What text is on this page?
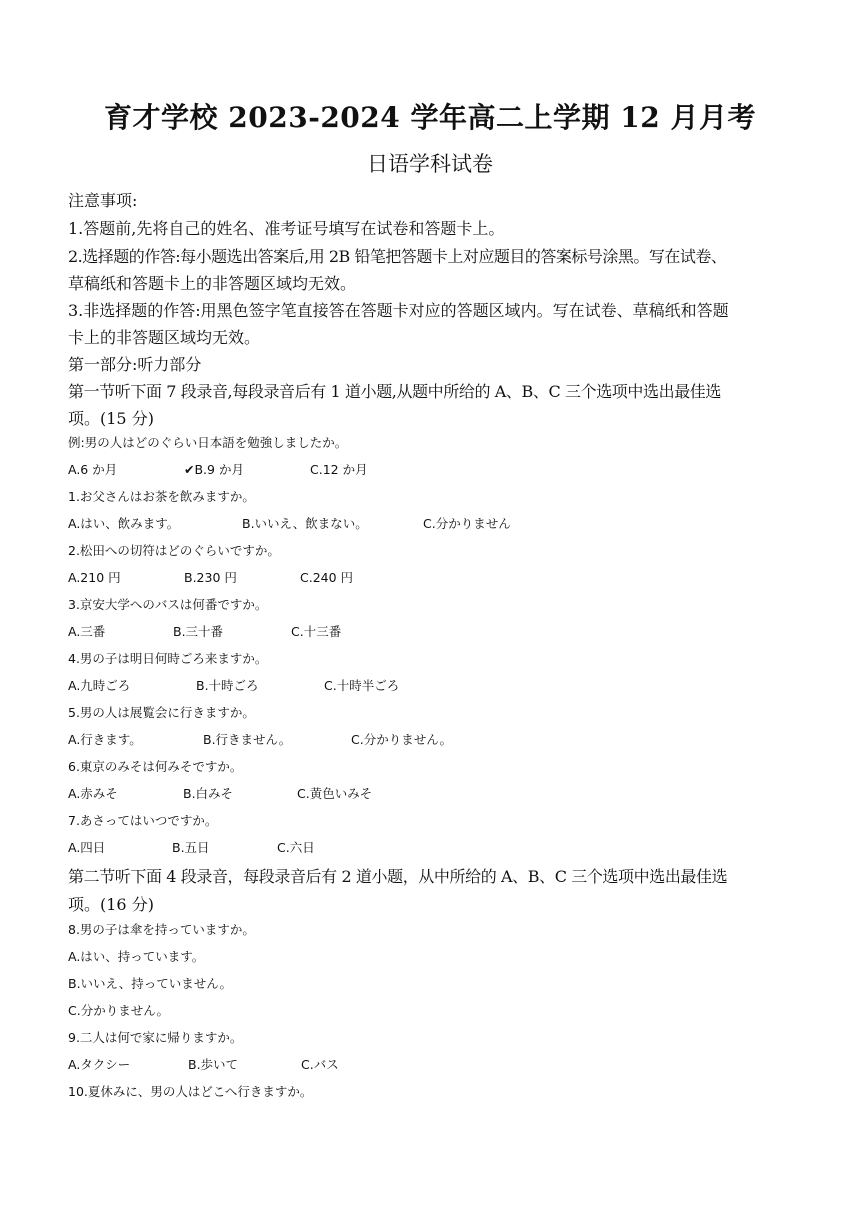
育才学校 2023-2024 学年高二上学期 12 月月考
日语学科试卷
注意事项:
1.答题前,先将自己的姓名、准考证号填写在试卷和答题卡上。
2.选择题的作答:每小题选出答案后,用 2B 铅笔把答题卡上对应题目的答案标号涂黑。写在试卷、
草稿纸和答题卡上的非答题区域均无效。
3.非选择题的作答:用黑色签字笔直接答在答题卡对应的答题区域内。写在试卷、草稿纸和答题
卡上的非答题区域均无效。
第一部分:听力部分
第一节听下面 7 段录音,每段录音后有 1 道小题,从题中所给的 A、B、C 三个选项中选出最佳选
项。(15 分)
例:男の人はどのぐらい日本語を勉強しましたか。
A.6 か月	✔B.9 か月	C.12 か月
1.お父さんはお茶を飲みますか。
A.はい、飲みます。	B.いいえ、飲まない。	C.分かりません
2.松田への切符はどのぐらいですか。
A.210 円	B.230 円	C.240 円
3.京安大学へのバスは何番ですか。
A.三番	B.三十番	C.十三番
4.男の子は明日何時ごろ来ますか。
A.九時ごろ	B.十時ごろ	C.十時半ごろ
5.男の人は展覧会に行きますか。
A.行きます。	B.行きません。	C.分かりません。
6.東京のみそは何みそですか。
A.赤みそ	B.白みそ	C.黄色いみそ
7.あさってはいつですか。
A.四日	B.五日	C.六日
第二节听下面 4 段录音，每段录音后有 2 道小题，从中所给的 A、B、C 三个选项中选出最佳选
项。(16 分)
8.男の子は傘を持っていますか。
A.はい、持っています。
B.いいえ、持っていません。
C.分かりません。
9.二人は何で家に帰りますか。
A.タクシー	B.歩いて	C.バス
10.夏休みに、男の人はどこへ行きますか。
